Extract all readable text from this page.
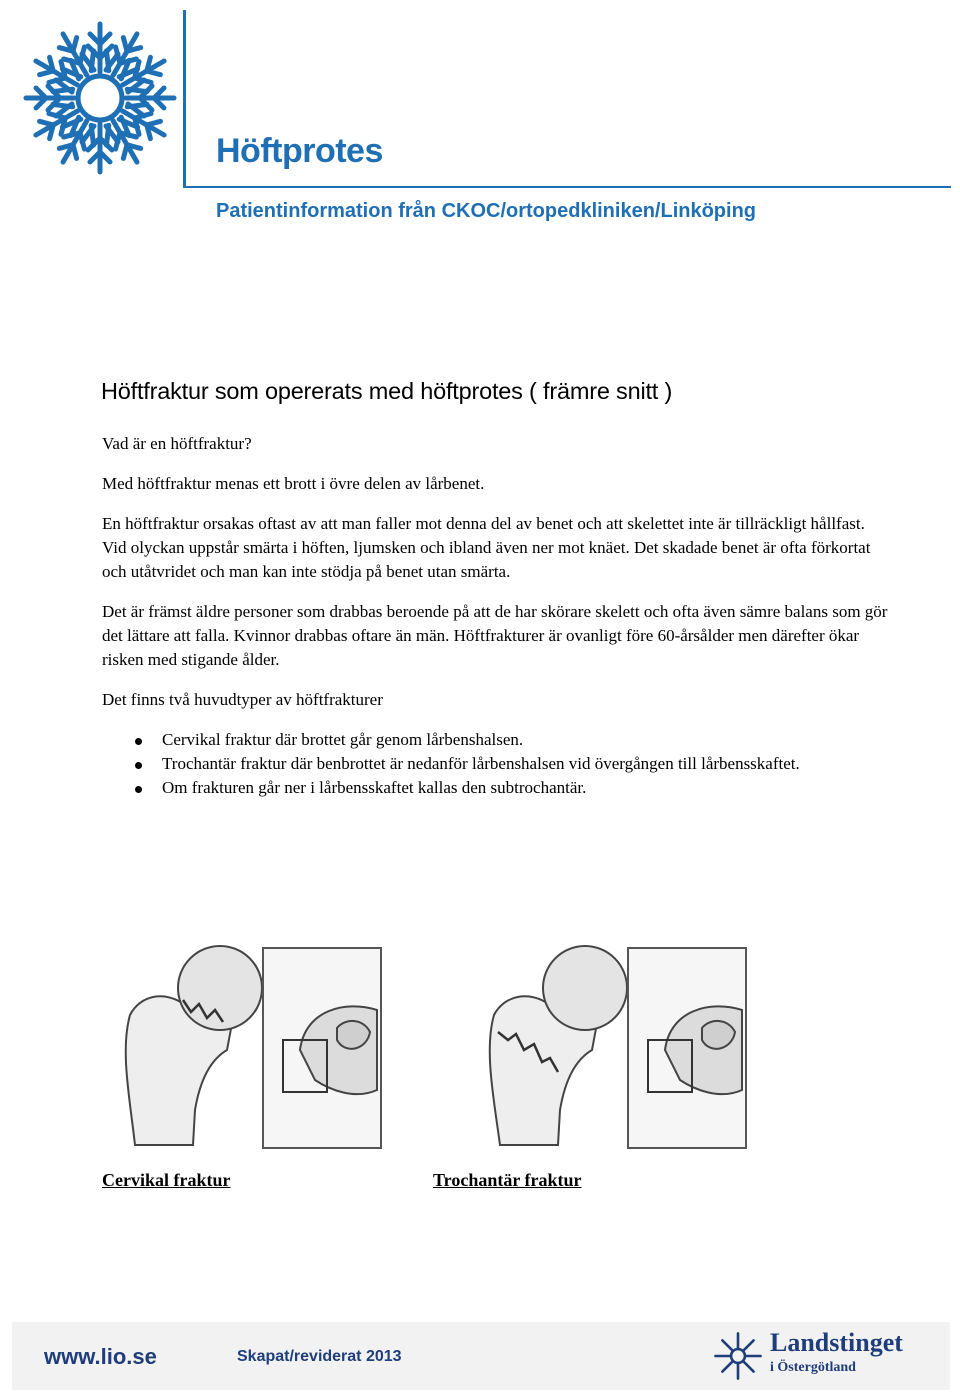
Höftprotes

Patientinformation från CKOC/ortopedkliniken/Linköping

Höftfraktur som opererats med höftprotes ( främre snitt )

Vad är en höftfraktur?

Med höftfraktur menas ett brott i övre delen av lårbenet.

En höftfraktur orsakas oftast av att man faller mot denna del av benet och att skelettet inte är tillräckligt hållfast. Vid olyckan uppstår smärta i höften, ljumsken och ibland även ner mot knäet. Det skadade benet är ofta förkortat och utåtvridet och man kan inte stödja på benet utan smärta.

Det är främst äldre personer som drabbas beroende på att de har skörare skelett och ofta även sämre balans som gör det lättare att falla. Kvinnor drabbas oftare än män. Höftfrakturer är ovanligt före 60-årsålder men därefter ökar risken med stigande ålder.

Det finns två huvudtyper av höftfrakturer

Cervikal fraktur där brottet går genom lårbenshalsen.
Trochantär fraktur där benbrottet är nedanför lårbenshalsen vid övergången till lårbensskaftet.
Om frakturen går ner i lårbensskaftet kallas den subtrochantär.

Cervikal fraktur	Trochantär fraktur

www.lio.se	Skapat/reviderat 2013	Landstinget
i Östergötland
